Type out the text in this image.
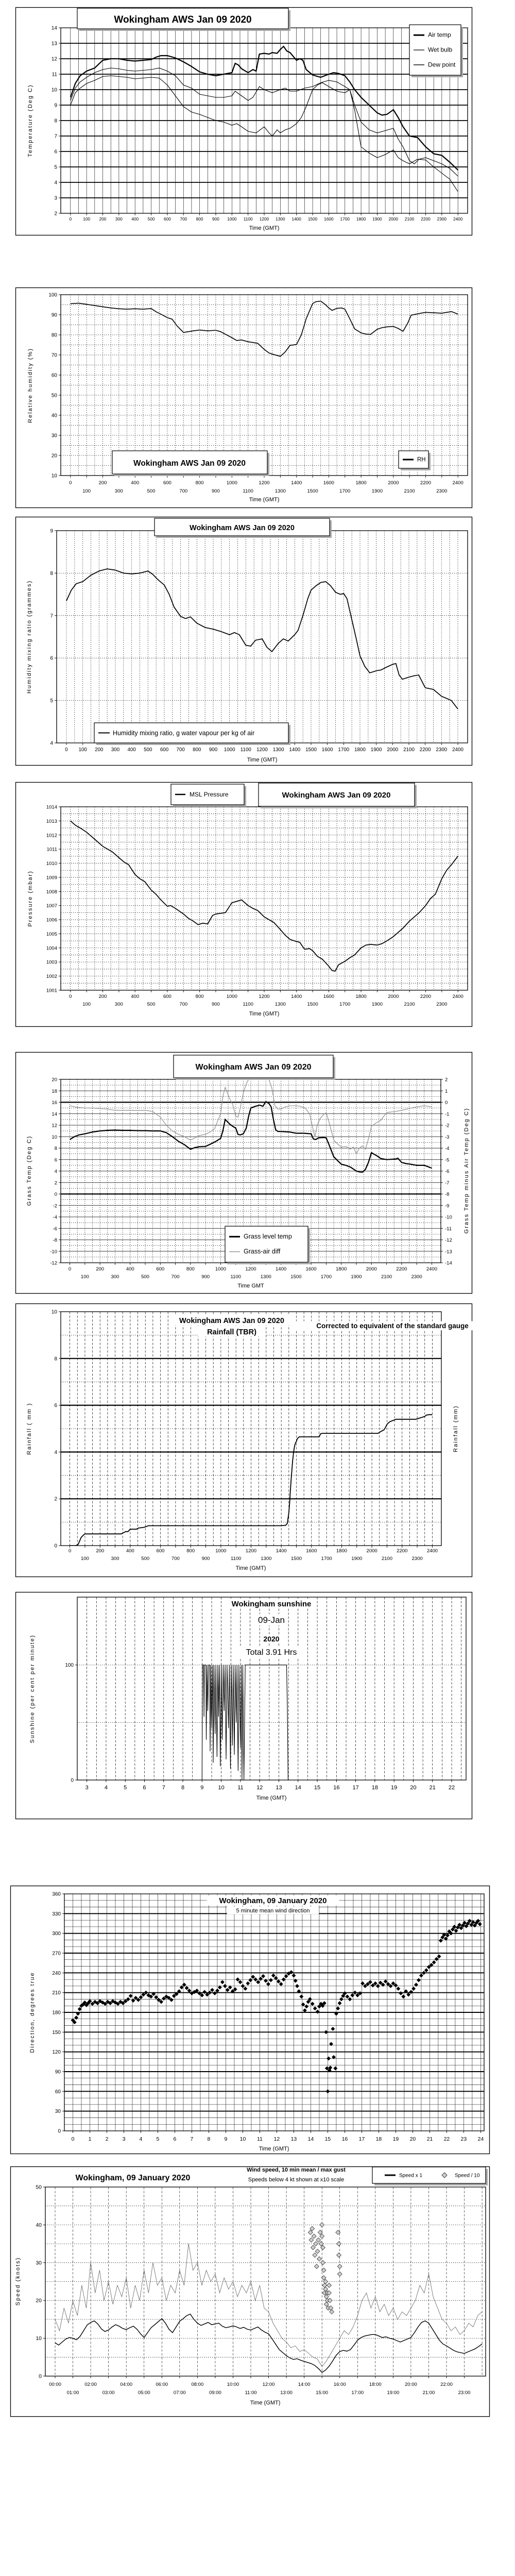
0	100 200 300 400 500 600 700 800 900 1000 1100 1200 1300 1400 1500 1600 1700 1800 1900 2000 2100 2200 2300 2400
Time (GMT)
2
3
4
5
6
7
8
9
10
11
12
13
14
Temperature (Deg C)
Wokingham AWS Jan 09 2020
Air temp
Wet bulb
Dew point
0
100
200
300
400
500
600
700
800
900
1000
1100
1200
1300
1400
1500
1600
1700
1800
1900
2000
2100
2200
2300
2400
Time (GMT)
10
20
30
40
50
60
70
80
90
100
Relative humidity (%)
Wokingham AWS Jan 09 2020	RH
0 100 200 300 400 500 600 700 800 900 1000 1100 1200 1300 1400 1500 1600 1700 1800 1900 2000 2100 2200 2300 2400
Time (GMT)
4
5
6
7
8
9
Humidity mixing ratio (grammes)
Wokingham AWS Jan 09 2020
Humidity mixing ratio, g water vapour per kg of air
0
100
200
300
400
500
600
700
800
900
1000
1100
1200
1300
1400
1500
1600
1700
1800
1900
2000
2100
2200
2300
2400
Time (GMT)
1001
1002
1003
1004
1005
1006
1007
1008
1009
1010
1011
1012
1013
1014
Pressure (mbar)
Wokingham AWS Jan 09 2020
MSL Pressure
0
100
200
300
400
500
600
700
800
900
1000
1100
1200
1300
1400
1500
1600
1700
1800
1900
2000
2100
2200
2300
2400
Time GMT
-12
-10
-8
-6
-4
-2
0
2
4
6
8
10
12
14
16
18
20
Grass Temp (Deg C)
-14
-13
-12
-11
-10
-9
-8
-7
-6
-5
-4
-3
-2
-1
0
1
2
Grass Temp minus Air Temp (Deg C)
Wokingham AWS Jan 09 2020
Grass level temp
Grass-air diff
0
100
200
300
400
500
600
700
800
900
1000
1100
1200
1300
1400
1500
1600
1700
1800
1900
2000
2100
2200
2300
2400
Time (GMT)
0
2
4
6
8
10
Rainfall ( mm )	Rainfall (mm)
Wokingham AWS Jan 09 2020
Rainfall (TBR)
Corrected to equivalent of the standard gauge
3	4	5	6	7	8	9	10 11 12 13 14 15 16 17 18 19 20 21 22
Time (GMT)
0
100
Sunshine (per cent per minute)
Wokingham sunshine
09-Jan
2020
Total 3.91 Hrs
0	1	2	3	4	5	6	7	8	9 10 11 12 13 14 15 16 17 18 19 20 21 22 23 24
Time (GMT)
0
30
60
90
120
150
180
210
240
270
300
330
360
Direction, degrees true
Wokingham, 09 January 2020
5 minute mean wind direction
00:00
01:00
02:00
03:00
04:00
05:00
06:00
07:00
08:00
09:00
10:00
11:00
12:00
13:00
14:00
15:00
16:00
17:00
18:00
19:00
20:00
21:00
22:00
23:00
Time (GMT)
0
10
20
30
40
50
Speed (knots)
Wokingham, 09 January 2020
Wind speed, 10 min mean / max gust
Speeds below 4 kt shown at x10 scale
Speed x 1	Speed / 10
